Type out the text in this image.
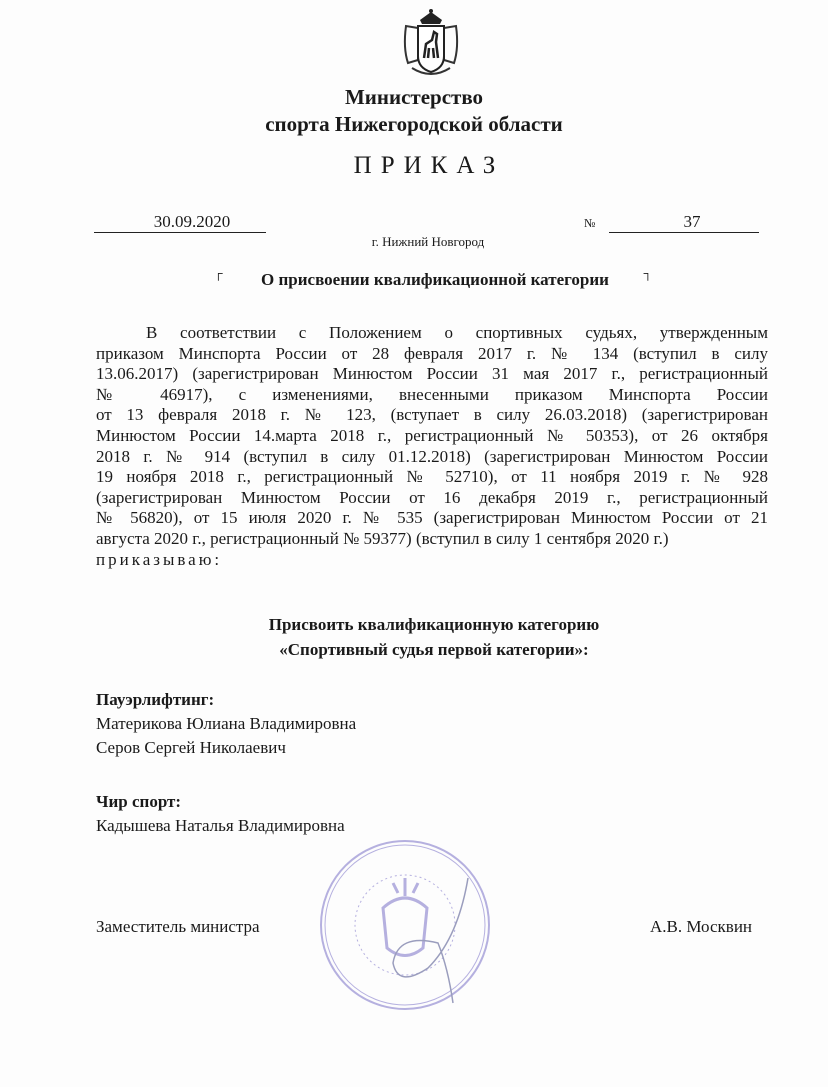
Министерство
спорта Нижегородской области
ПРИКАЗ
30.09.2020	№	37
г. Нижний Новгород
┌ О присвоении квалификационной категории	┐
В соответствии с Положением о спортивных судьях, утвержденным
приказом Минспорта России от 28 февраля 2017 г. № 134 (вступил в силу
13.06.2017) (зарегистрирован Минюстом России 31 мая 2017 г., регистрационный
№ 46917), с изменениями, внесенными приказом Минспорта России
от 13 февраля 2018 г. № 123, (вступает в силу 26.03.2018) (зарегистрирован
Минюстом России 14.марта 2018 г., регистрационный № 50353), от 26 октября
2018 г. № 914 (вступил в силу 01.12.2018) (зарегистрирован Минюстом России
19 ноября 2018 г., регистрационный № 52710), от 11 ноября 2019 г. № 928
(зарегистрирован Минюстом России от 16 декабря 2019 г., регистрационный
№ 56820), от 15 июля 2020 г. № 535 (зарегистрирован Минюстом России от 21
августа 2020 г., регистрационный № 59377) (вступил в силу 1 сентября 2020 г.)
приказываю:
Присвоить квалификационную категорию
«Спортивный судья первой категории»:
Пауэрлифтинг:
Материкова Юлиана Владимировна
Серов Сергей Николаевич
Чир спорт:
Кадышева Наталья Владимировна
Заместитель министра	А.В. Москвин
